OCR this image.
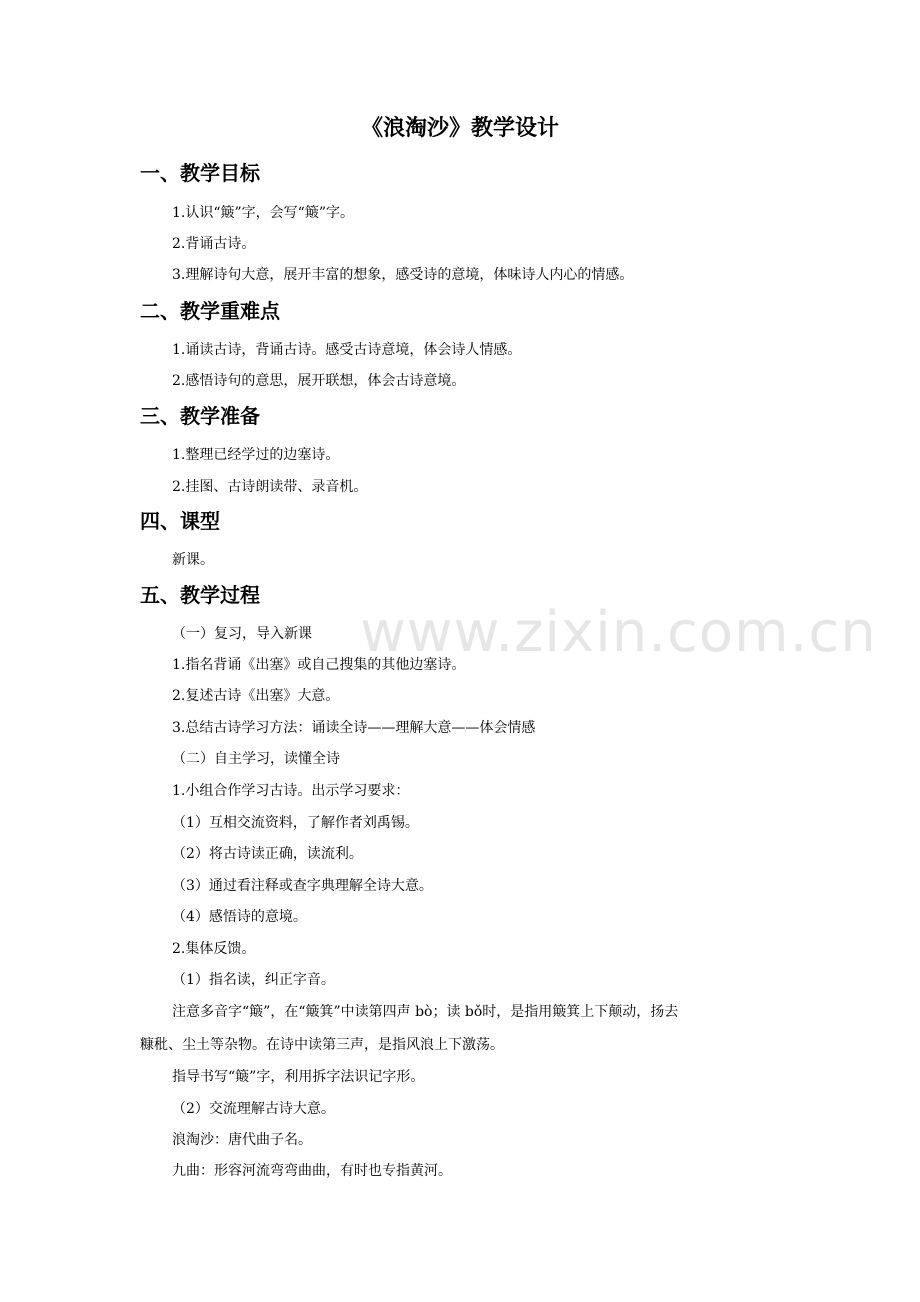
www.zixin.com.cn
《浪淘沙》教学设计
一、教学目标
1.认识“簸”字，会写“簸”字。
2.背诵古诗。
3.理解诗句大意，展开丰富的想象，感受诗的意境，体味诗人内心的情感。
二、教学重难点
1.诵读古诗，背诵古诗。感受古诗意境，体会诗人情感。
2.感悟诗句的意思，展开联想，体会古诗意境。
三、教学准备
1.整理已经学过的边塞诗。
2.挂图、古诗朗读带、录音机。
四、课型
新课。
五、教学过程
（一）复习，导入新课
1.指名背诵《出塞》或自己搜集的其他边塞诗。
2.复述古诗《出塞》大意。
3.总结古诗学习方法：诵读全诗——理解大意——体会情感
（二）自主学习，读懂全诗
1.小组合作学习古诗。出示学习要求：
（1）互相交流资料，了解作者刘禹锡。
（2）将古诗读正确，读流利。
（3）通过看注释或查字典理解全诗大意。
（4）感悟诗的意境。
2.集体反馈。
（1）指名读，纠正字音。
注意多音字“簸”，在“簸箕”中读第四声 bò；读 bǒ时，是指用簸箕上下颠动，扬去
糠秕、尘土等杂物。在诗中读第三声，是指风浪上下激荡。
指导书写“簸”字，利用拆字法识记字形。
（2）交流理解古诗大意。
浪淘沙：唐代曲子名。
九曲：形容河流弯弯曲曲，有时也专指黄河。
